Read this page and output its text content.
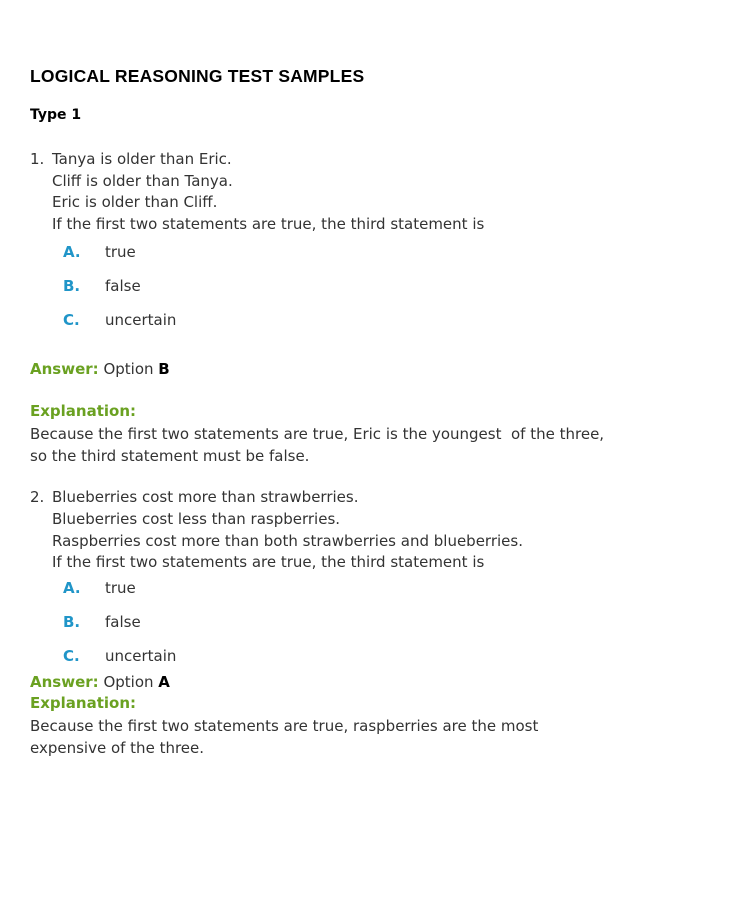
LOGICAL REASONING TEST SAMPLES
Type 1
1. Tanya is older than Eric.
Cliff is older than Tanya.
Eric is older than Cliff.
If the first two statements are true, the third statement is
A. true
B. false
C. uncertain
Answer: Option B
Explanation:
Because the first two statements are true, Eric is the youngest  of the three,
so the third statement must be false.
2. Blueberries cost more than strawberries.
Blueberries cost less than raspberries.
Raspberries cost more than both strawberries and blueberries.
If the first two statements are true, the third statement is
A. true
B. false
C. uncertain
Answer: Option A
Explanation:
Because the first two statements are true, raspberries are the most
expensive of the three.
